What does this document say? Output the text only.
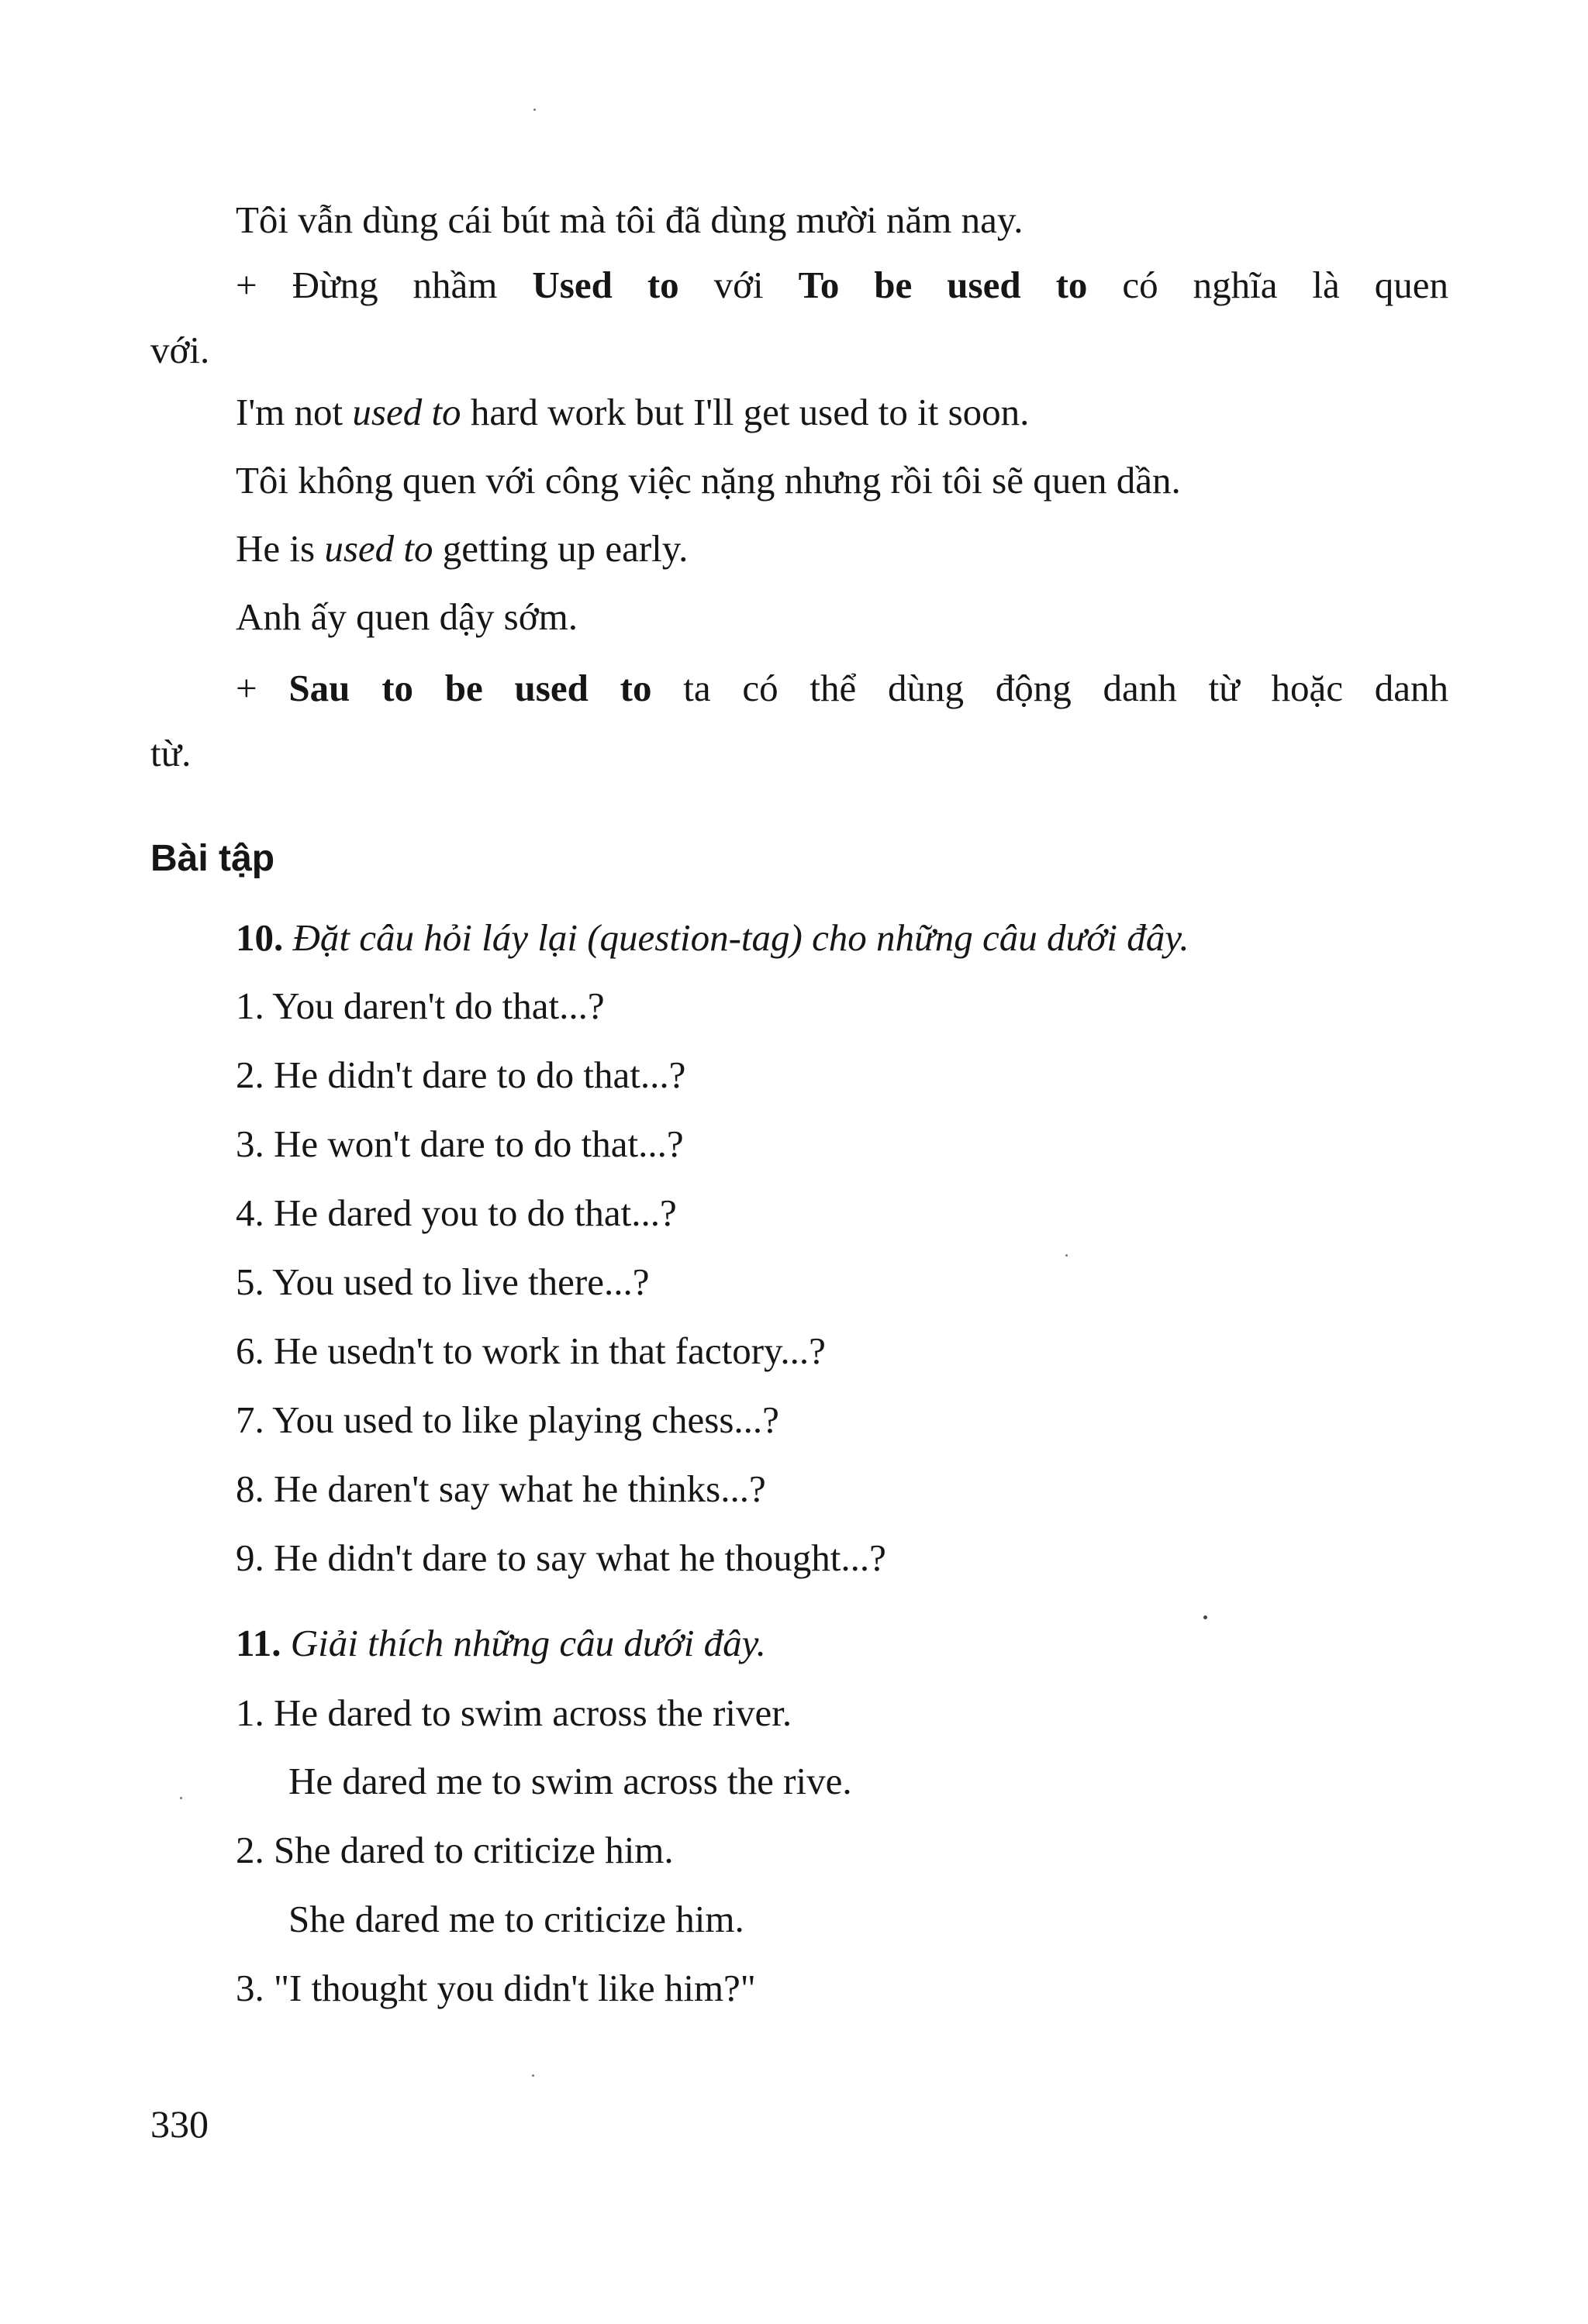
Tôi vẫn dùng cái bút mà tôi đã dùng mười năm nay.
+ Đừng nhầm Used to với To be used to có nghĩa là quen
với.
I'm not used to hard work but I'll get used to it soon.
Tôi không quen với công việc nặng nhưng rồi tôi sẽ quen dần.
He is used to getting up early.
Anh ấy quen dậy sớm.
+ Sau to be used to ta có thể dùng động danh từ hoặc danh
từ.
Bài tập
10. Đặt câu hỏi láy lại (question-tag) cho những câu dưới đây.
1. You daren't do that...?
2. He didn't dare to do that...?
3. He won't dare to do that...?
4. He dared you to do that...?
5. You used to live there...?
6. He usedn't to work in that factory...?
7. You used to like playing chess...?
8. He daren't say what he thinks...?
9. He didn't dare to say what he thought...?
11. Giải thích những câu dưới đây.
1. He dared to swim across the river.
He dared me to swim across the rive.
2. She dared to criticize him.
She dared me to criticize him.
3. "I thought you didn't like him?"
330
